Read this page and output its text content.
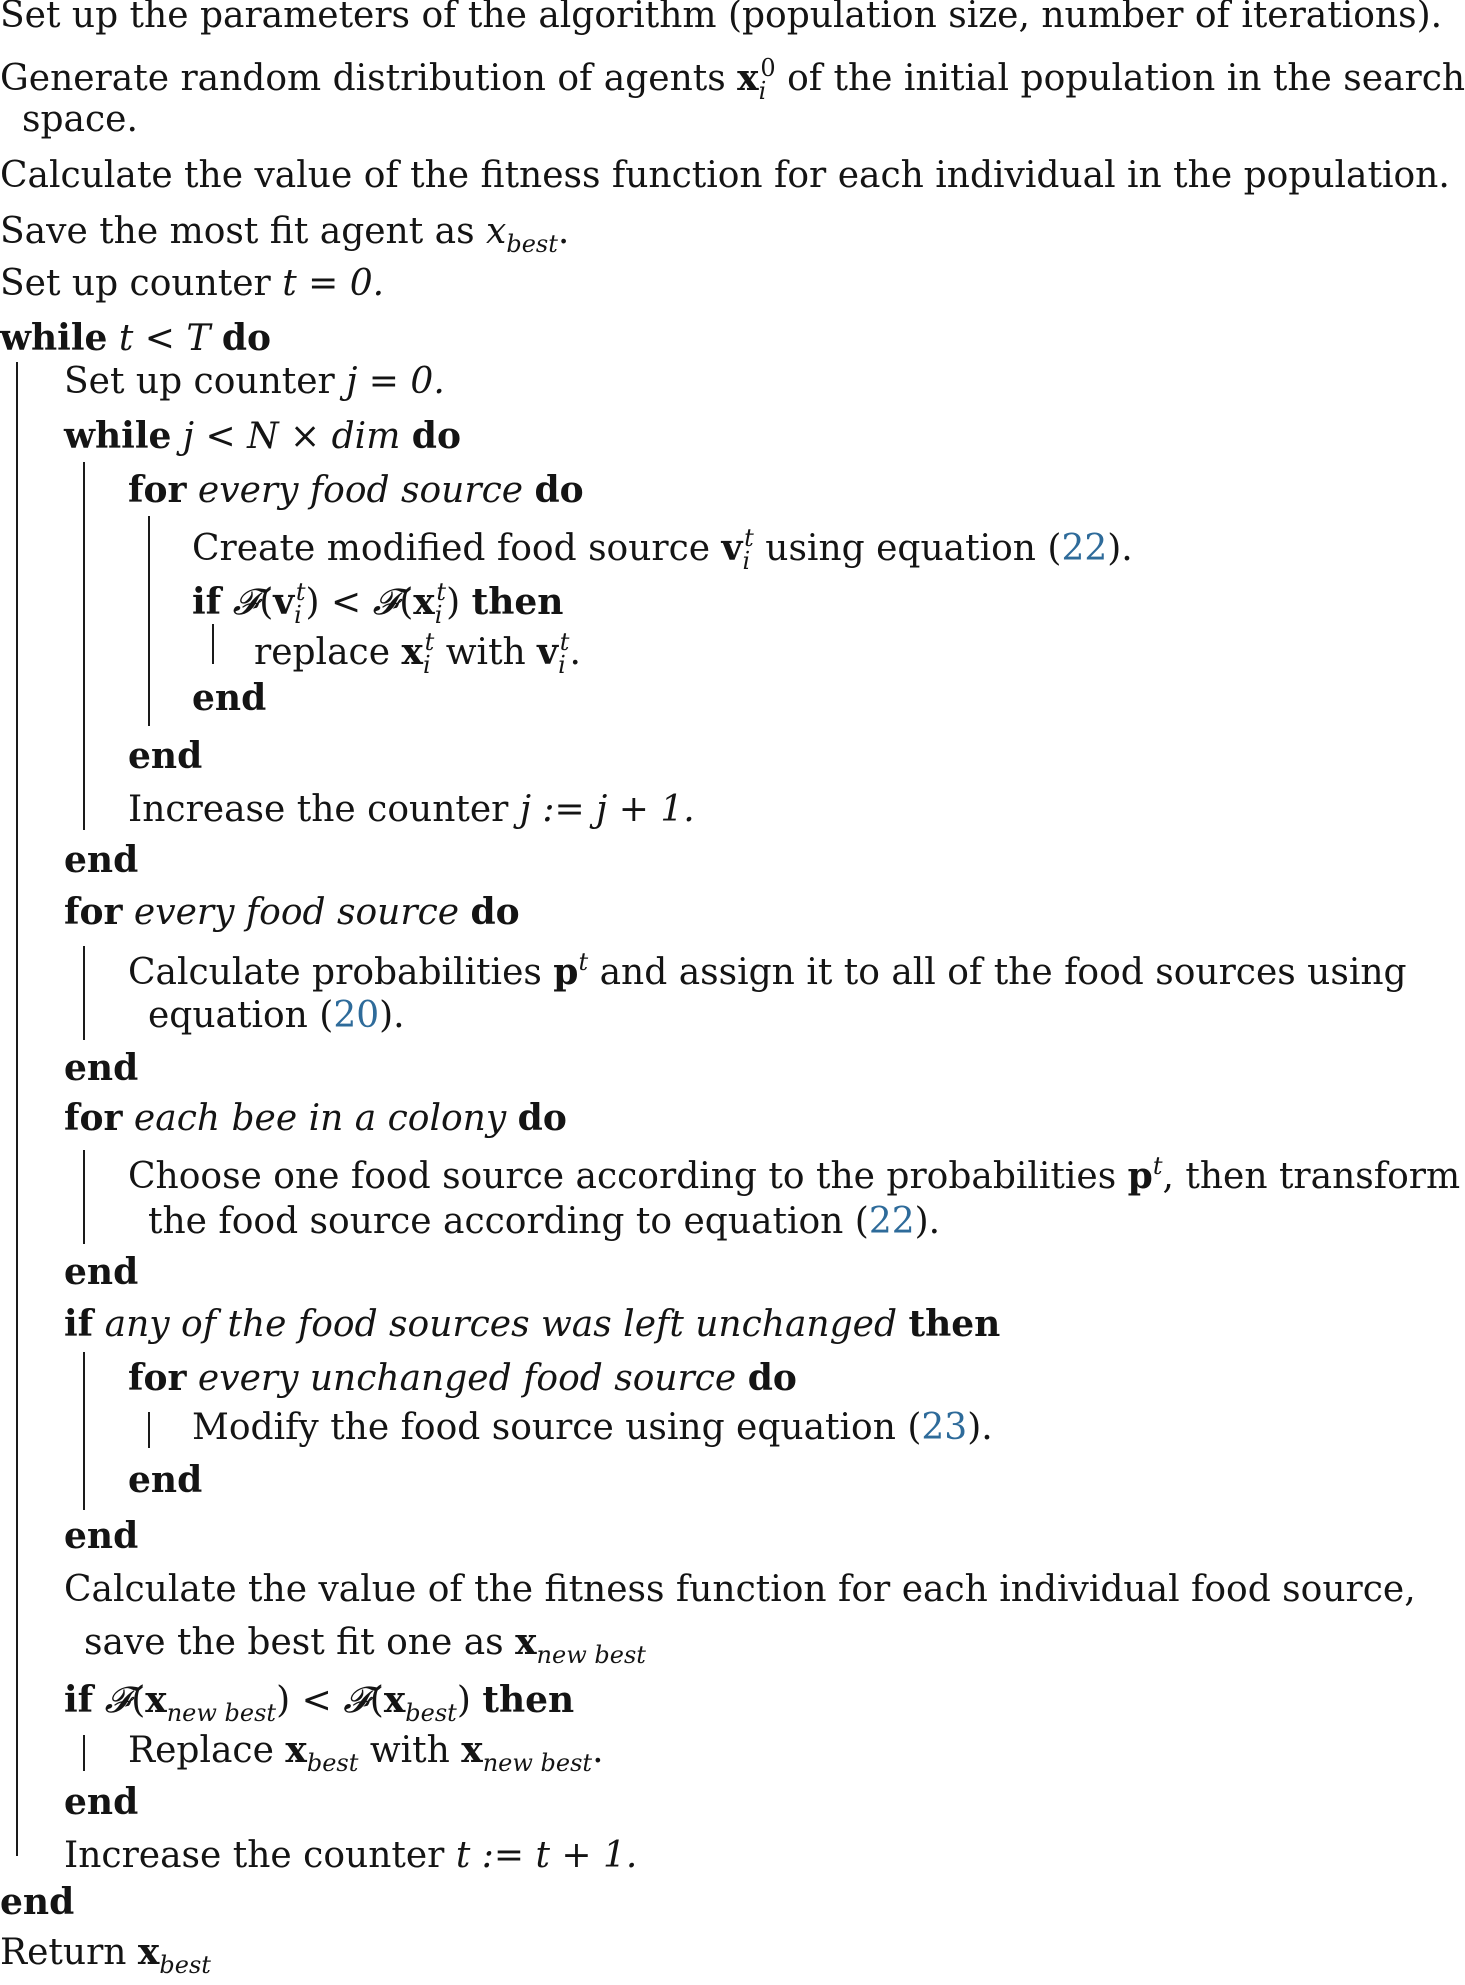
Set up the parameters of the algorithm (population size, number of iterations).
Generate random distribution of agents $x_i^0$ of the initial population in the search
space.
Calculate the value of the fitness function for each individual in the population.
Save the most fit agent as $x_{best}$.
Set up counter t = 0.
while t < T do
Set up counter j = 0.
while j < N × dim do
for every food source do
Create modified food source $v_i^t$ using equation (22).
if $𝓕(v_i^t)$ < $𝓕(x_i^t)$ then
replace $x_i^t$ with $v_i^t$.
end
end
Increase the counter j := j + 1.
end
for every food source do
Calculate probabilities $p^t$ and assign it to all of the food sources using
equation (20).
end
for each bee in a colony do
Choose one food source according to the probabilities $p^t$, then transform
the food source according to equation (22).
end
if any of the food sources was left unchanged then
for every unchanged food source do
Modify the food source using equation (23).
end
end
Calculate the value of the fitness function for each individual food source,
save the best fit one as $x_{new best}$
if $𝓕(x_{new best})$ < $𝓕(x_{best})$ then
Replace $x_{best}$ with $x_{new best}$.
end
Increase the counter t := t + 1.
end
Return $x_{best}$
